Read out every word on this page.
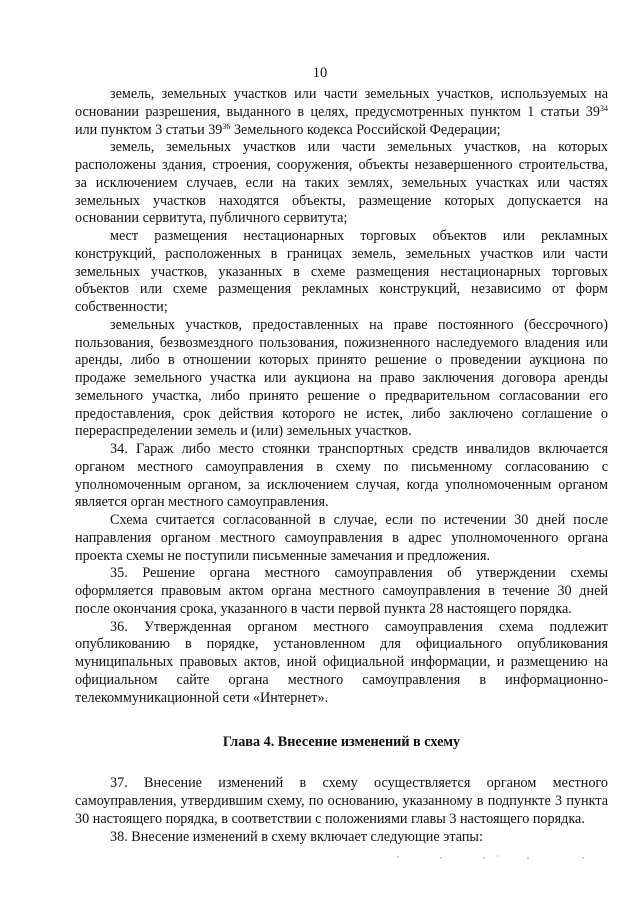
10

земель, земельных участков или части земельных участков, используемых на основании разрешения, выданного в целях, предусмотренных пунктом 1 статьи $39^{34}$ или пунктом 3 статьи $39^{36}$ Земельного кодекса Российской Федерации;

земель, земельных участков или части земельных участков, на которых расположены здания, строения, сооружения, объекты незавершенного строительства, за исключением случаев, если на таких землях, земельных участках или частях земельных участков находятся объекты, размещение которых допускается на основании сервитута, публичного сервитута;

мест размещения нестационарных торговых объектов или рекламных конструкций, расположенных в границах земель, земельных участков или части земельных участков, указанных в схеме размещения нестационарных торговых объектов или схеме размещения рекламных конструкций, независимо от форм собственности;

земельных участков, предоставленных на праве постоянного (бессрочного) пользования, безвозмездного пользования, пожизненного наследуемого владения или аренды, либо в отношении которых принято решение о проведении аукциона по продаже земельного участка или аукциона на право заключения договора аренды земельного участка, либо принято решение о предварительном согласовании его предоставления, срок действия которого не истек, либо заключено соглашение о перераспределении земель и (или) земельных участков.

34. Гараж либо место стоянки транспортных средств инвалидов включается органом местного самоуправления в схему по письменному согласованию с уполномоченным органом, за исключением случая, когда уполномоченным органом является орган местного самоуправления.

Схема считается согласованной в случае, если по истечении 30 дней после направления органом местного самоуправления в адрес уполномоченного органа проекта схемы не поступили письменные замечания и предложения.

35. Решение органа местного самоуправления об утверждении схемы оформляется правовым актом органа местного самоуправления в течение 30 дней после окончания срока, указанного в части первой пункта 28 настоящего порядка.

36. Утвержденная органом местного самоуправления схема подлежит опубликованию в порядке, установленном для официального опубликования муниципальных правовых актов, иной официальной информации, и размещению на официальном сайте органа местного самоуправления в информационно-телекоммуникационной сети «Интернет».

Глава 4. Внесение изменений в схему

37. Внесение изменений в схему осуществляется органом местного самоуправления, утвердившим схему, по основанию, указанному в подпункте 3 пункта 30 настоящего порядка, в соответствии с положениями главы 3 настоящего порядка.

38. Внесение изменений в схему включает следующие этапы:
